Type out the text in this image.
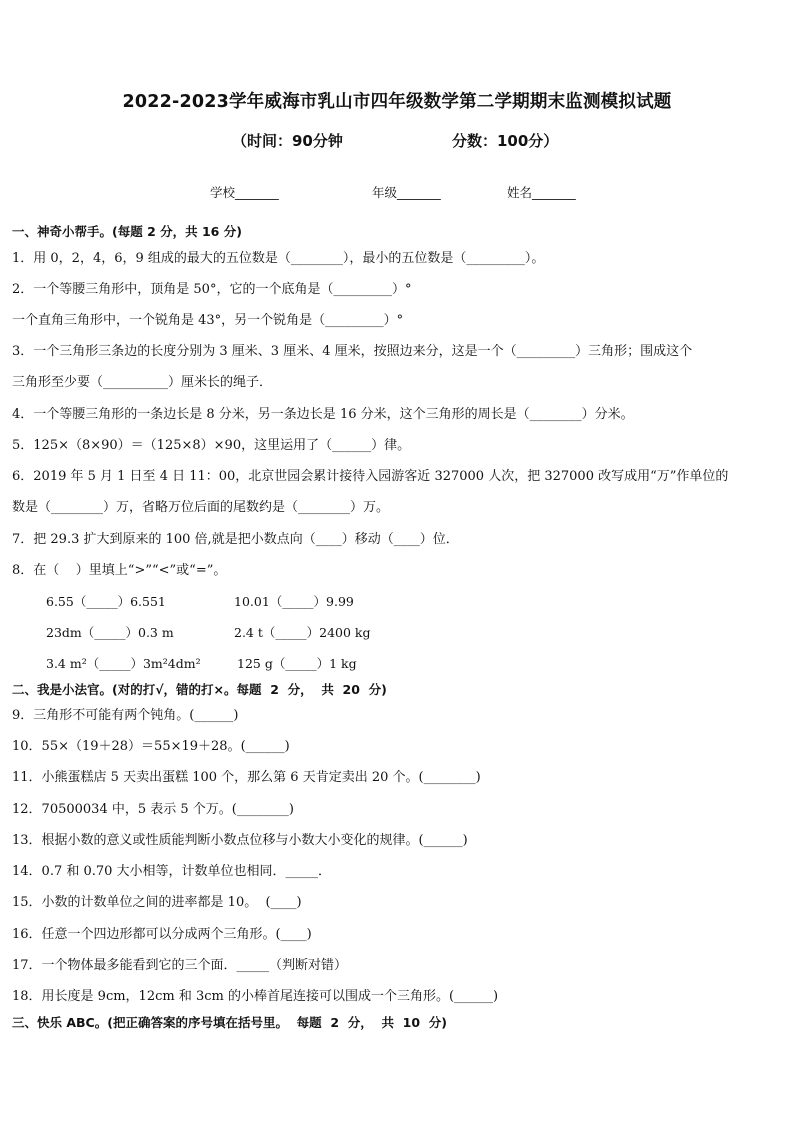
2022-2023学年威海市乳山市四年级数学第二学期期末监测模拟试题
（时间：90分钟	分数：100分）
学校_______	年级_______	姓名_______
一、神奇小帮手。(每题 2 分，共 16 分)
1．用 0，2，4，6，9 组成的最大的五位数是（________），最小的五位数是（_________）。
2．一个等腰三角形中，顶角是 50°，它的一个底角是（_________）°
一个直角三角形中，一个锐角是 43°，另一个锐角是（_________）°
3．一个三角形三条边的长度分别为 3 厘米、3 厘米、4 厘米，按照边来分，这是一个（_________）三角形；围成这个
三角形至少要（__________）厘米长的绳子．
4．一个等腰三角形的一条边长是 8 分米，另一条边长是 16 分米，这个三角形的周长是（________）分米。
5．125×（8×90）＝（125×8）×90，这里运用了（______）律。
6．2019 年 5 月 1 日至 4 日 11：00，北京世园会累计接待入园游客近 327000 人次，把 327000 改写成用“万”作单位的
数是（________）万，省略万位后面的尾数约是（________）万。
7．把 29.3 扩大到原来的 100 倍,就是把小数点向（____）移动（____）位．
8．在（    ）里填上“>”“<”或“=”。
6.55（_____）6.551	10.01（_____）9.99
23dm（_____）0.3 m	2.4 t（_____）2400 kg
3.4 m²（_____）3m²4dm²	125 g（_____）1 kg
二、我是小法官。(对的打√，错的打×。每题  2  分，  共  20  分)
9．三角形不可能有两个钝角。(______)
10．55×（19＋28）＝55×19＋28。(______)
11．小熊蛋糕店 5 天卖出蛋糕 100 个，那么第 6 天肯定卖出 20 个。(________)
12．70500034 中，5 表示 5 个万。(________)
13．根据小数的意义或性质能判断小数点位移与小数大小变化的规律。(______)
14．0.7 和 0.70 大小相等，计数单位也相同．_____．
15．小数的计数单位之间的进率都是 10。  (____)
16．任意一个四边形都可以分成两个三角形。(____)
17．一个物体最多能看到它的三个面．_____（判断对错）
18．用长度是 9cm，12cm 和 3cm 的小棒首尾连接可以围成一个三角形。(______)
三、快乐 ABC。(把正确答案的序号填在括号里。  每题  2  分，  共  10  分)
